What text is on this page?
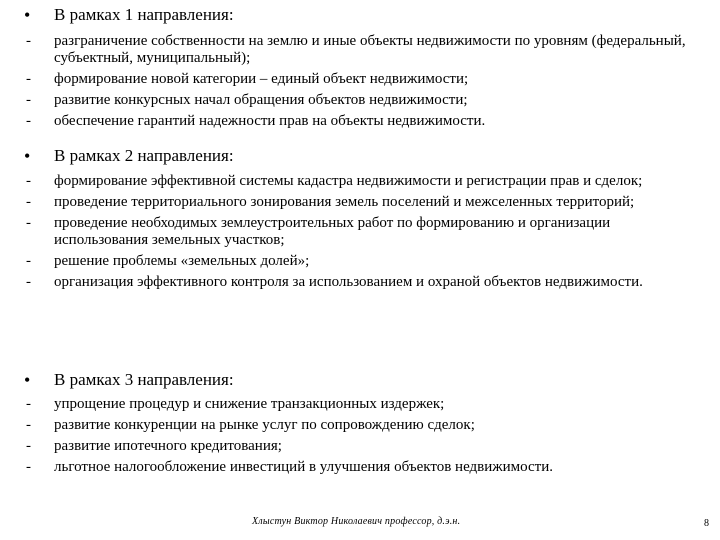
•	В рамках 1 направления:
-	разграничение собственности на землю и иные объекты недвижимости по уровням (федеральный, субъектный, муниципальный);
-	формирование новой категории – единый объект недвижимости;
-	развитие конкурсных начал обращения объектов недвижимости;
-	обеспечение гарантий надежности прав на объекты недвижимости.
•	В рамках 2 направления:
-	формирование эффективной системы кадастра недвижимости и регистрации прав и сделок;
-	проведение территориального зонирования земель поселений и межселенных территорий;
-	проведение необходимых землеустроительных работ по формированию и организации использования земельных участков;
-	решение проблемы «земельных долей»;
-	организация эффективного контроля за использованием и охраной объектов недвижимости.
•	В рамках 3 направления:
-	упрощение процедур и снижение транзакционных издержек;
-	развитие конкуренции на рынке услуг по сопровождению сделок;
-	развитие ипотечного кредитования;
-	льготное налогообложение инвестиций в улучшения объектов недвижимости.
Хлыстун Виктор Николаевич профессор, д.э.н.	8
